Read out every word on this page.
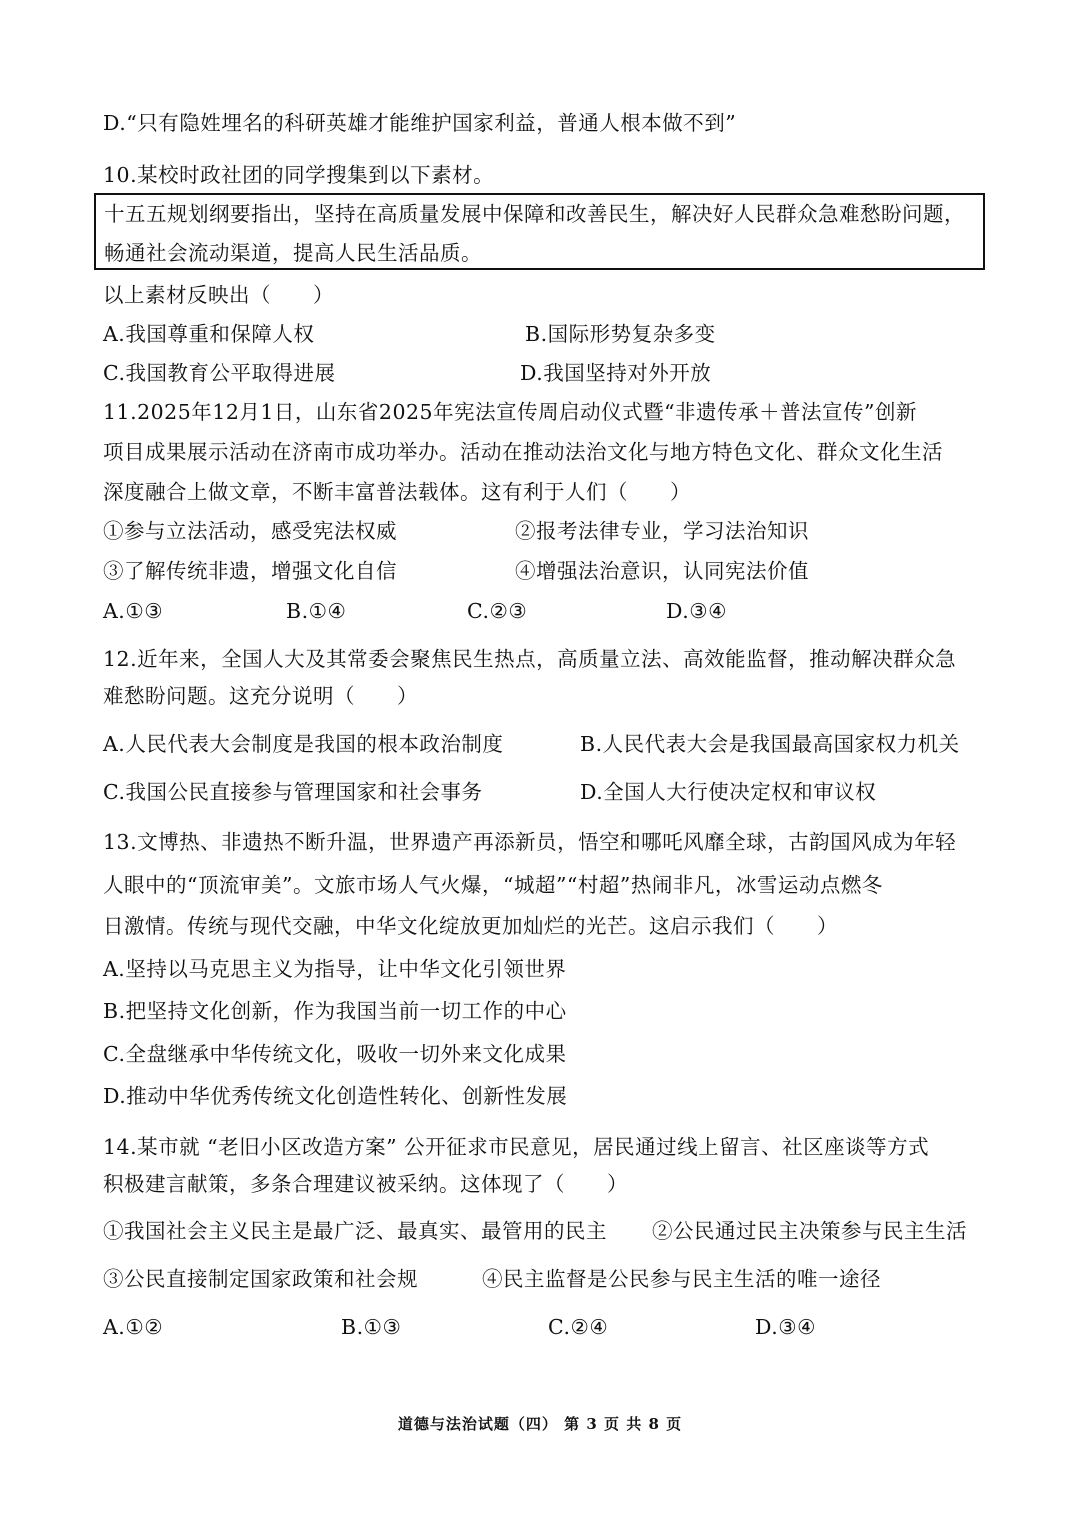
D.“只有隐姓埋名的科研英雄才能维护国家利益，普通人根本做不到”
10.某校时政社团的同学搜集到以下素材。
十五五规划纲要指出，坚持在高质量发展中保障和改善民生，解决好人民群众急难愁盼问题，
畅通社会流动渠道，提高人民生活品质。
以上素材反映出（　　）
A.我国尊重和保障人权	B.国际形势复杂多变
C.我国教育公平取得进展	D.我国坚持对外开放
11.2025年12月1日，山东省2025年宪法宣传周启动仪式暨“非遗传承＋普法宣传”创新
项目成果展示活动在济南市成功举办。活动在推动法治文化与地方特色文化、群众文化生活
深度融合上做文章，不断丰富普法载体。这有利于人们（　　）
①参与立法活动，感受宪法权威	②报考法律专业，学习法治知识
③了解传统非遗，增强文化自信	④增强法治意识，认同宪法价值
A.①③	B.①④	C.②③	D.③④
12.近年来，全国人大及其常委会聚焦民生热点，高质量立法、高效能监督，推动解决群众急
难愁盼问题。这充分说明（　　）
A.人民代表大会制度是我国的根本政治制度	B.人民代表大会是我国最高国家权力机关
C.我国公民直接参与管理国家和社会事务	D.全国人大行使决定权和审议权
13.文博热、非遗热不断升温，世界遗产再添新员，悟空和哪吒风靡全球，古韵国风成为年轻
人眼中的“顶流审美”。文旅市场人气火爆，“城超”“村超”热闹非凡，冰雪运动点燃冬
日激情。传统与现代交融，中华文化绽放更加灿烂的光芒。这启示我们（　　）
A.坚持以马克思主义为指导，让中华文化引领世界
B.把坚持文化创新，作为我国当前一切工作的中心
C.全盘继承中华传统文化，吸收一切外来文化成果
D.推动中华优秀传统文化创造性转化、创新性发展
14.某市就 “老旧小区改造方案” 公开征求市民意见，居民通过线上留言、社区座谈等方式
积极建言献策，多条合理建议被采纳。这体现了（　　）
①我国社会主义民主是最广泛、最真实、最管用的民主 ②公民通过民主决策参与民主生活
③公民直接制定国家政策和社会规	④民主监督是公民参与民主生活的唯一途径
A.①②	B.①③	C.②④	D.③④
道德与法治试题（四） 第 3 页 共 8 页
